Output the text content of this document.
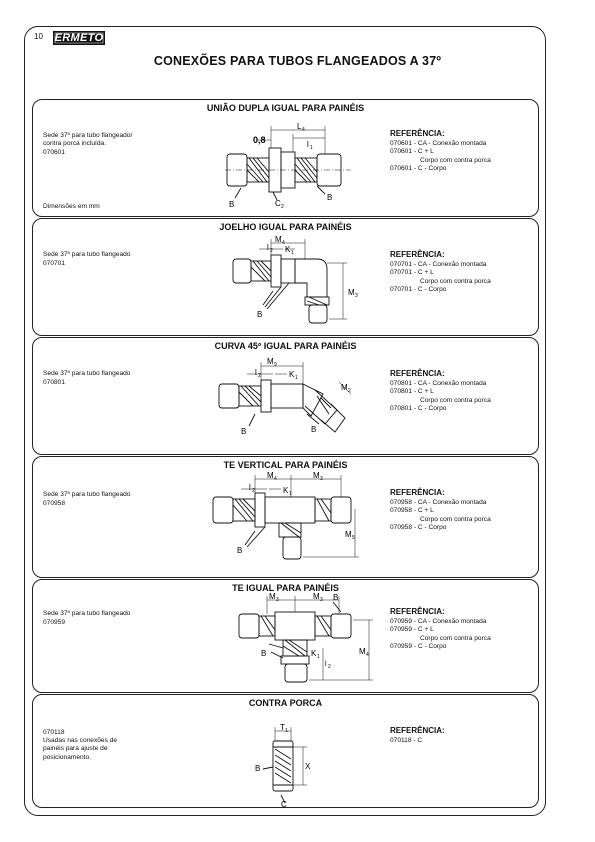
10 ERMETO
CONEXÕES PARA TUBOS FLANGEADOS A 37º
UNIÃO DUPLA IGUAL PARA PAINÉIS
Sede 37º para tubo flangeado/
contra porca incluída.
070601
Dimensões em mm
REFERÊNCIA:
070601 - CA - Conexão montada
070601 - C + L
Corpo com contra porca
070601 - C - Corpo
0,8
L 4
l 1
B	C 2
B
JOELHO IGUAL PARA PAINÉIS
Sede 37º para tubo flangeado
070701
REFERÊNCIA:
070701 - CA - Conexão montada
070701 - C + L
Corpo com contra porca
070701 - C - Corpo
M 4
l 2 K 1
M 3
B
CURVA 45º IGUAL PARA PAINÉIS
Sede 37º para tubo flangeado
070801
REFERÊNCIA:
070801 - CA - Conexão montada
070801 - C + L
Corpo com contra porca
070801 - C - Corpo
M 9
l 2	K 1
M 2
B	B
TE VERTICAL PARA PAINÉIS
Sede 37º para tubo flangeado
070958
REFERÊNCIA:
070958 - CA - Conexão montada
070958 - C + L
Corpo com contra porca
070958 - C - Corpo
M 4	M 3
l 2	K 1
M 5
B
TE IGUAL PARA PAINÉIS
Sede 37º para tubo flangeado
070959
REFERÊNCIA:
070959 - CA - Conexão montada
070959 - C + L
Corpo com contra porca
070959 - C - Corpo
M 3	M 3 B
B	K 1
l 2
M 4
CONTRA PORCA
070118
Usadas nas conexões de
painéis para ajuste de
posicionamento.
REFERÊNCIA:
070118 - C
T 1
X
B
C
